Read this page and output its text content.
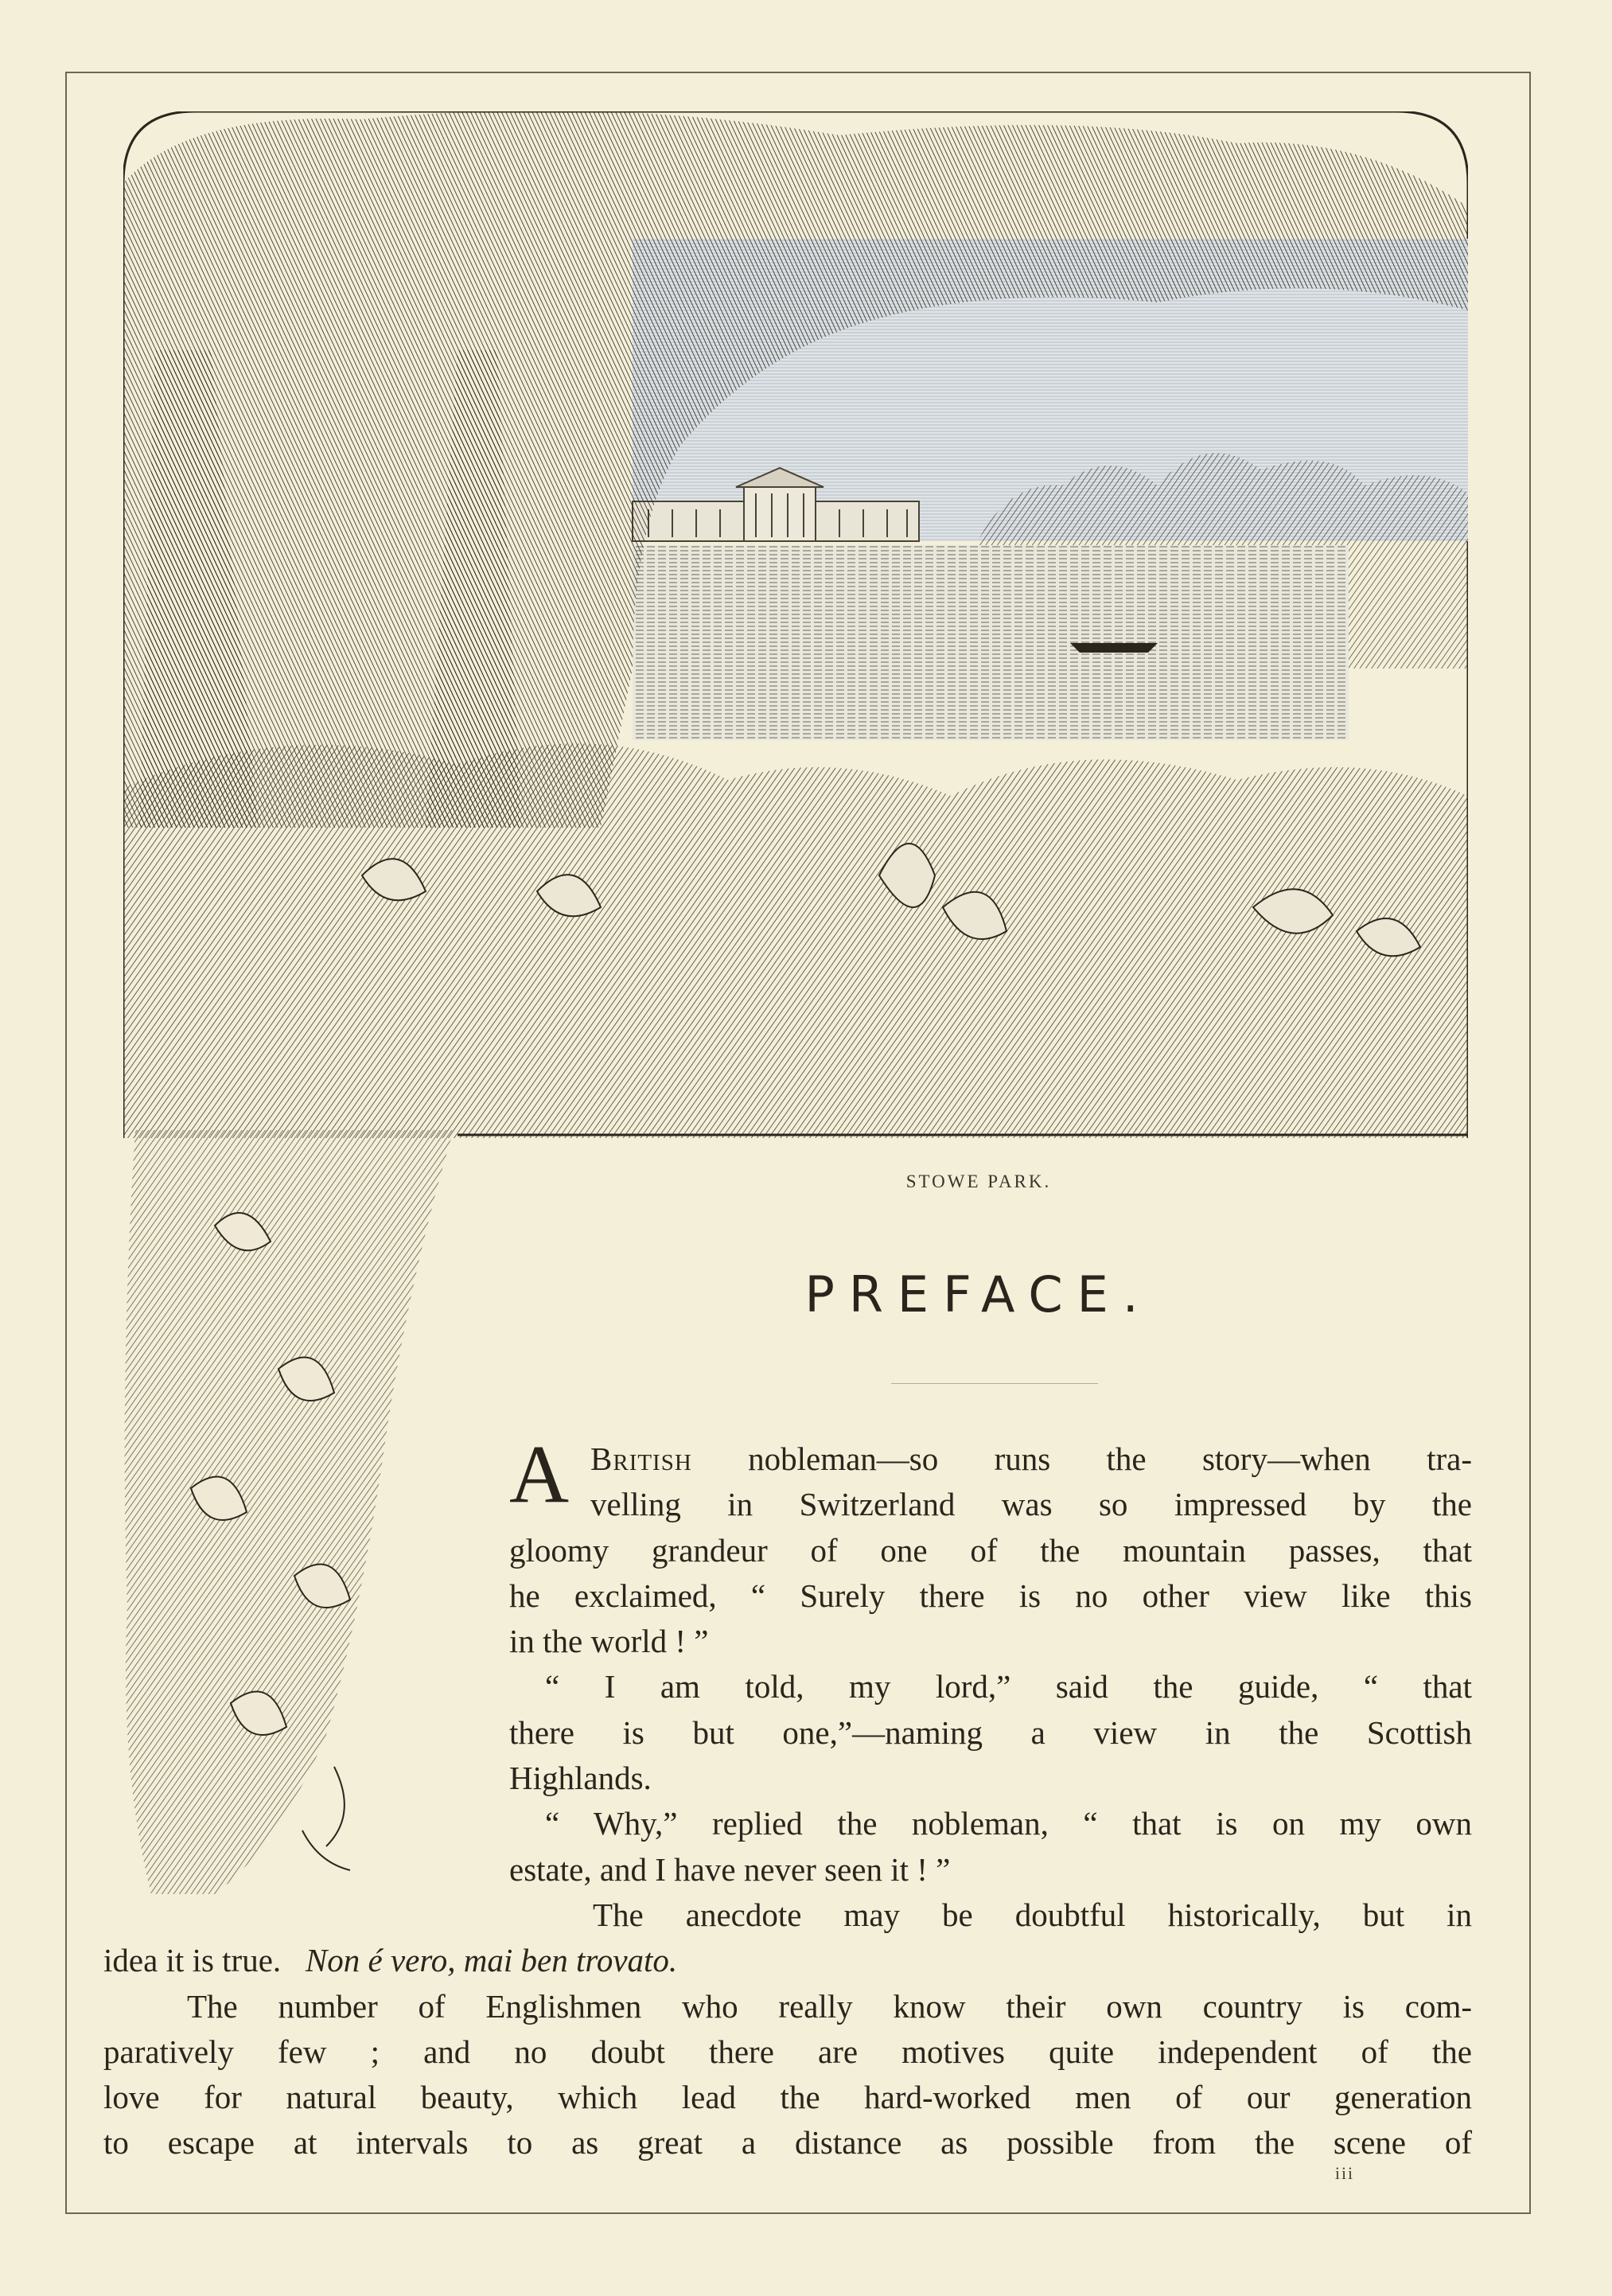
STOWE PARK.
PREFACE.
A British nobleman—so runs the story—when tra-
velling in Switzerland was so impressed by the
gloomy grandeur of one of the mountain passes, that
he exclaimed, “ Surely there is no other view like this
in the world ! ”
“ I am told, my lord,” said the guide, “ that
there is but one,”—naming a view in the Scottish
Highlands.
“ Why,” replied the nobleman, “ that is on my own
estate, and I have never seen it ! ”
The anecdote may be doubtful historically, but in
idea it is true. Non é vero, mai ben trovato.
The number of Englishmen who really know their own country is com-
paratively few ; and no doubt there are motives quite independent of the
love for natural beauty, which lead the hard-worked men of our generation
to escape at intervals to as great a distance as possible from the scene of
iii
